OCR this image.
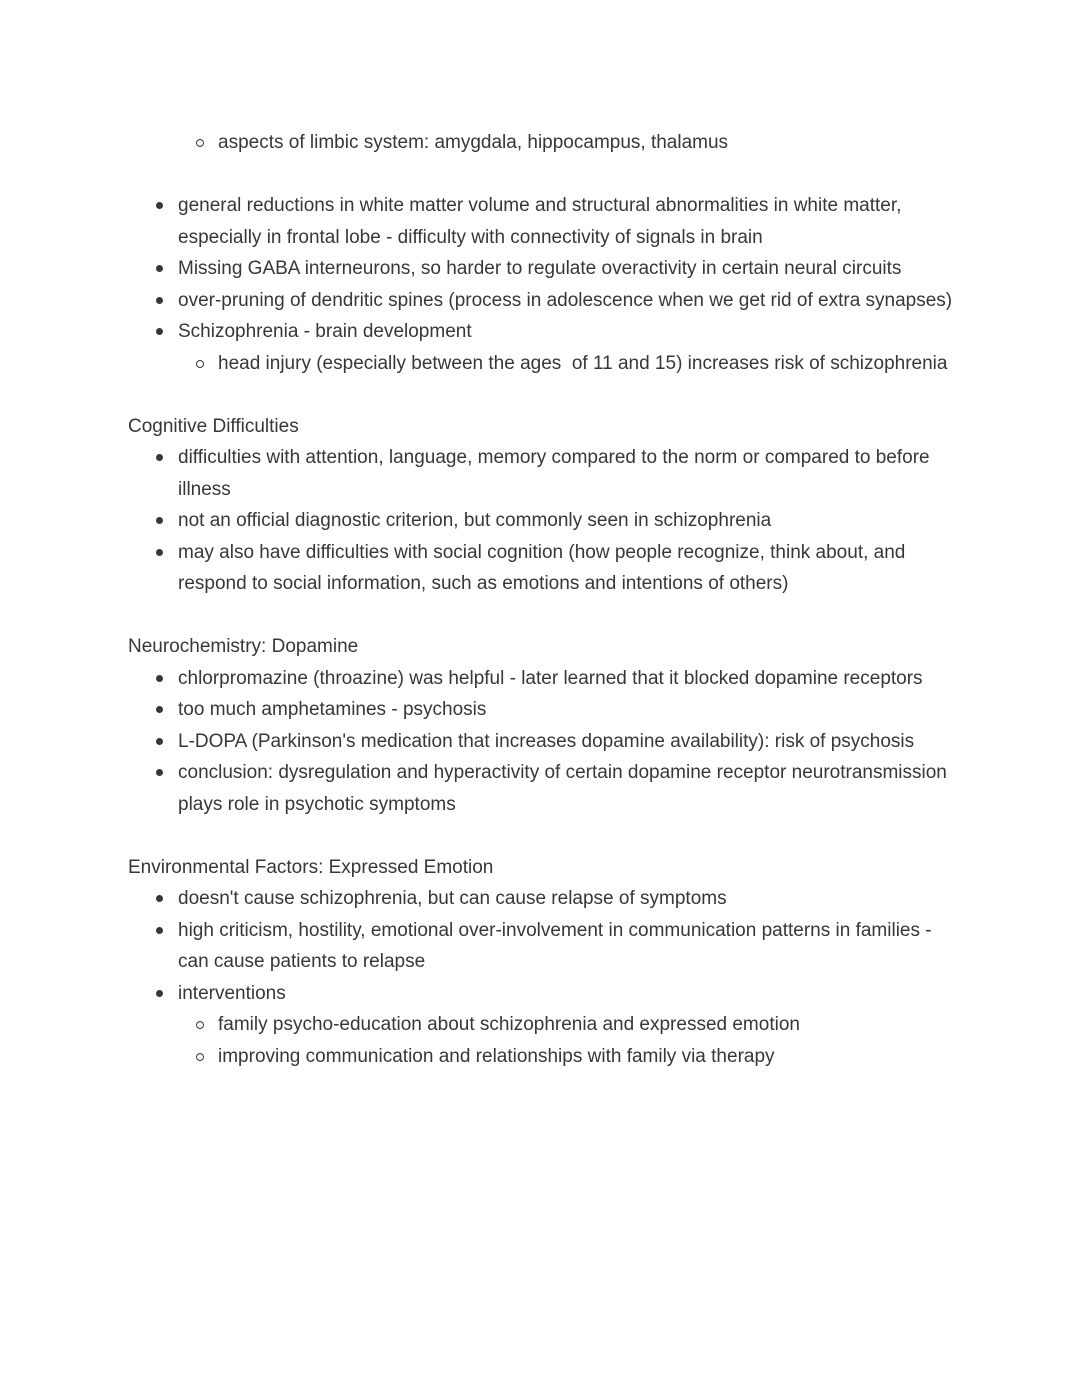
aspects of limbic system: amygdala, hippocampus, thalamus
general reductions in white matter volume and structural abnormalities in white matter, especially in frontal lobe - difficulty with connectivity of signals in brain
Missing GABA interneurons, so harder to regulate overactivity in certain neural circuits
over-pruning of dendritic spines (process in adolescence when we get rid of extra synapses)
Schizophrenia - brain development
head injury (especially between the ages  of 11 and 15) increases risk of schizophrenia
Cognitive Difficulties
difficulties with attention, language, memory compared to the norm or compared to before illness
not an official diagnostic criterion, but commonly seen in schizophrenia
may also have difficulties with social cognition (how people recognize, think about, and respond to social information, such as emotions and intentions of others)
Neurochemistry: Dopamine
chlorpromazine (throazine) was helpful - later learned that it blocked dopamine receptors
too much amphetamines - psychosis
L-DOPA (Parkinson's medication that increases dopamine availability): risk of psychosis
conclusion: dysregulation and hyperactivity of certain dopamine receptor neurotransmission plays role in psychotic symptoms
Environmental Factors: Expressed Emotion
doesn't cause schizophrenia, but can cause relapse of symptoms
high criticism, hostility, emotional over-involvement in communication patterns in families - can cause patients to relapse
interventions
family psycho-education about schizophrenia and expressed emotion
improving communication and relationships with family via therapy
